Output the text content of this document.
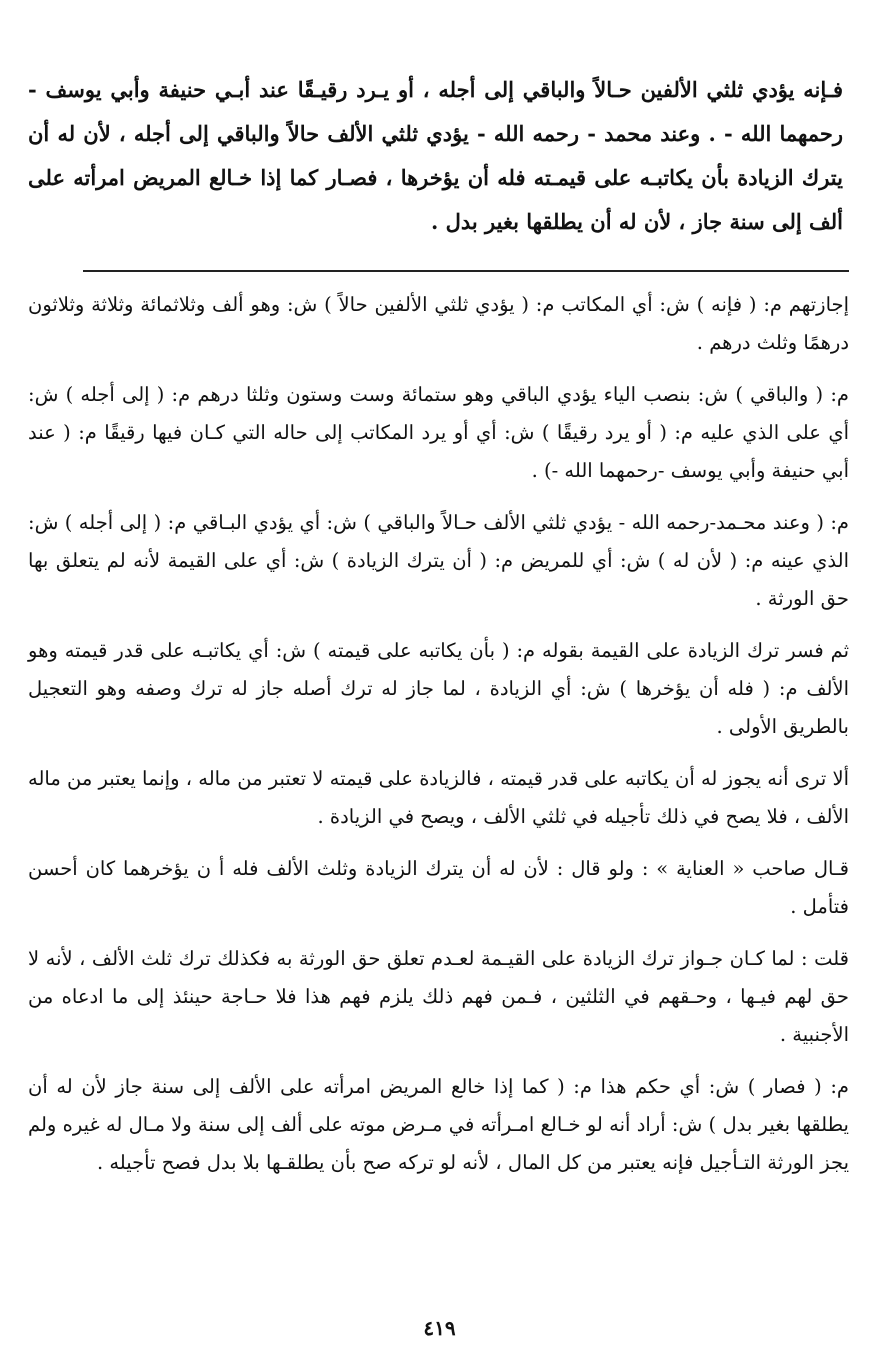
فـإنه يؤدي ثلثي الألفين حـالاً والباقي إلى أجله ، أو يـرد رقيـقًا عند أبـي حنيفة وأبي يوسف - رحمهما الله - . وعند محمد - رحمه الله - يؤدي ثلثي الألف حالاً والباقي إلى أجله ، لأن له أن يترك الزيادة بأن يكاتبـه على قيمـته فله أن يؤخرها ، فصـار كما إذا خـالع المريض امرأته على ألف إلى سنة جاز ، لأن له أن يطلقها بغير بدل .

إجازتهم م: ( فإنه ) ش: أي المكاتب م: ( يؤدي ثلثي الألفين حالاً ) ش: وهو ألف وثلاثمائة وثلاثة وثلاثون درهمًا وثلث درهم .

م: ( والباقي ) ش: بنصب الياء يؤدي الباقي وهو ستمائة وست وستون وثلثا درهم م: ( إلى أجله ) ش: أي على الذي عليه م: ( أو يرد رقيقًا ) ش: أي أو يرد المكاتب إلى حاله التي كـان فيها رقيقًا م: ( عند أبي حنيفة وأبي يوسف -رحمهما الله -) .

م: ( وعند محـمد-رحمه الله - يؤدي ثلثي الألف حـالاً والباقي ) ش: أي يؤدي البـاقي م: ( إلى أجله ) ش: الذي عينه م: ( لأن له ) ش: أي للمريض م: ( أن يترك الزيادة ) ش: أي على القيمة لأنه لم يتعلق بها حق الورثة .

ثم فسر ترك الزيادة على القيمة بقوله م: ( بأن يكاتبه على قيمته ) ش: أي يكاتبـه على قدر قيمته وهو الألف م: ( فله أن يؤخرها ) ش: أي الزيادة ، لما جاز له ترك أصله جاز له ترك وصفه وهو التعجيل بالطريق الأولى .

ألا ترى أنه يجوز له أن يكاتبه على قدر قيمته ، فالزيادة على قيمته لا تعتبر من ماله ، وإنما يعتبر من ماله الألف ، فلا يصح في ذلك تأجيله في ثلثي الألف ، ويصح في الزيادة .

قـال صاحب « العناية » : ولو قال : لأن له أن يترك الزيادة وثلث الألف فله أ ن يؤخرهما كان أحسن فتأمل .

قلت : لما كـان جـواز ترك الزيادة على القيـمة لعـدم تعلق حق الورثة به فكذلك ترك ثلث الألف ، لأنه لا حق لهم فيـها ، وحـقهم في الثلثين ، فـمن فهم ذلك يلزم فهم هذا فلا حـاجة حينئذ إلى ما ادعاه من الأجنبية .

م: ( فصار ) ش: أي حكم هذا م: ( كما إذا خالع المريض امرأته على الألف إلى سنة جاز لأن له أن يطلقها بغير بدل ) ش: أراد أنه لو خـالع امـرأته في مـرض موته على ألف إلى سنة ولا مـال له غيره ولم يجز الورثة التـأجيل فإنه يعتبر من كل المال ، لأنه لو تركه صح بأن يطلقـها بلا بدل فصح تأجيله .

٤١٩
